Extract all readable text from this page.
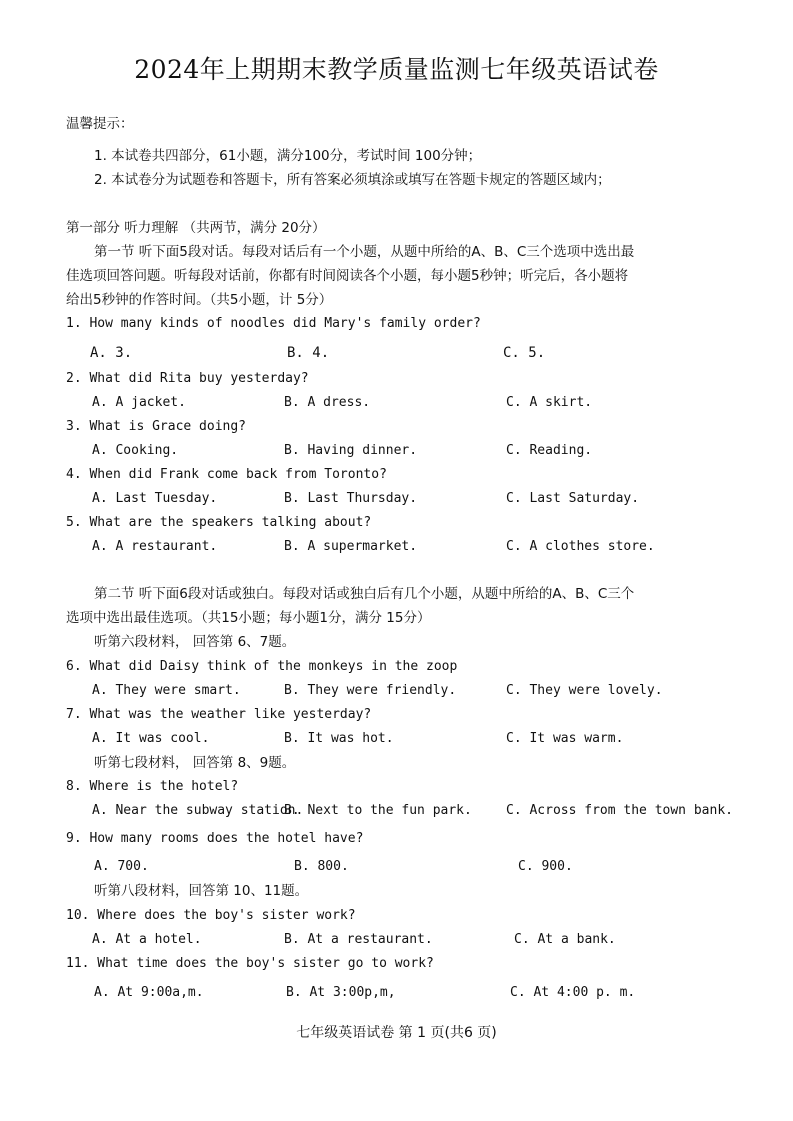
2024年上期期末教学质量监测七年级英语试卷
温馨提示：
1. 本试卷共四部分，61小题，满分100分，考试时间 100分钟；
2. 本试卷分为试题卷和答题卡，所有答案必须填涂或填写在答题卡规定的答题区域内；
第一部分 听力理解 （共两节，满分 20分）
第一节 听下面5段对话。每段对话后有一个小题，从题中所给的A、B、C三个选项中选出最
佳选项回答问题。听每段对话前，你都有时间阅读各个小题，每小题5秒钟；听完后，各小题将
给出5秒钟的作答时间。（共5小题，计 5分）
1. How many kinds of noodles did Mary's family order?
A. 3.	B. 4.	C. 5.
2. What did Rita buy yesterday?
A. A jacket.	B. A dress.	C. A skirt.
3. What is Grace doing?
A. Cooking.	B. Having dinner.	C. Reading.
4. When did Frank come back from Toronto?
A. Last Tuesday.	B. Last Thursday.	C. Last Saturday.
5. What are the speakers talking about?
A. A restaurant.	B. A supermarket.	C. A clothes store.
第二节 听下面6段对话或独白。每段对话或独白后有几个小题，从题中所给的A、B、C三个
选项中选出最佳选项。（共15小题；每小题1分，满分 15分）
听第六段材料， 回答第 6、7题。
6. What did Daisy think of the monkeys in the zoop
A. They were smart.	B. They were friendly.	C. They were lovely.
7. What was the weather like yesterday?
A. It was cool.	B. It was hot.	C. It was warm.
听第七段材料， 回答第 8、9题。
8. Where is the hotel?
A. Near the subway station.
B. Next to the fun park.	C. Across from the town bank.
9. How many rooms does the hotel have?
A. 700.	B. 800.	C. 900.
听第八段材料，回答第 10、11题。
10. Where does the boy's sister work?
A. At a hotel.	B. At a restaurant.	C. At a bank.
11. What time does the boy's sister go to work?
A. At 9:00a,m.	B. At 3:00p,m,	C. At 4:00 p. m.
七年级英语试卷 第 1 页(共6 页)
